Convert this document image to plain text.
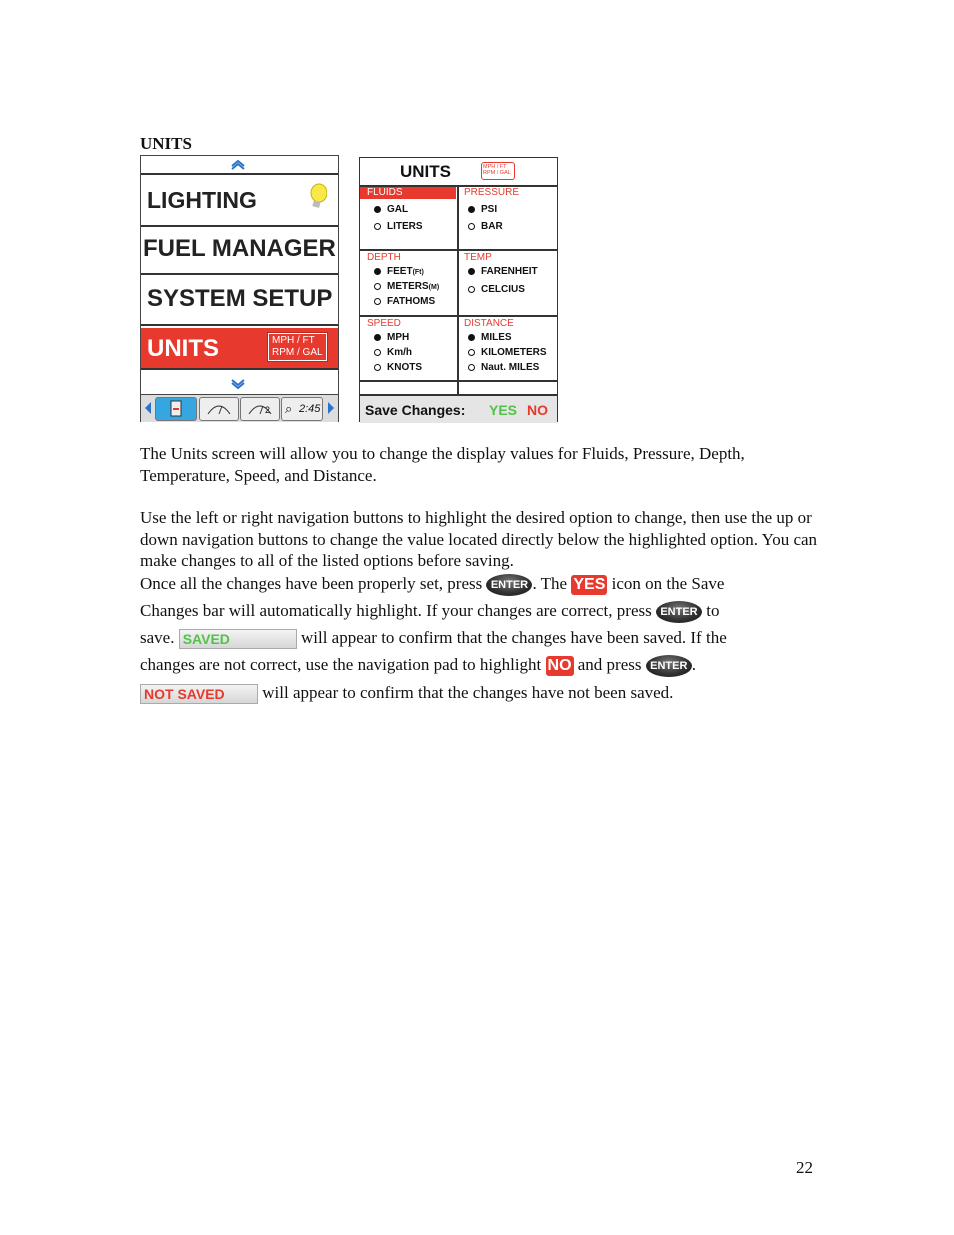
UNITS
LIGHTING
FUEL MANAGER
SYSTEM SETUP
UNITS	MPH / FT
RPM / GAL
2 ⌕ 2:45
UNITS	MPH / FT
RPM / GAL
FLUIDS
GAL
LITERS
PRESSURE
PSI
BAR
DEPTH
FEET(Ft)
METERS(M)
FATHOMS
TEMP
FARENHEIT
CELCIUS
SPEED
MPH
Km/h
KNOTS
DISTANCE
MILES
KILOMETERS
Naut. MILES
Save Changes: YES NO
The Units screen will allow you to change the display values for Fluids, Pressure, Depth, Temperature, Speed, and Distance.
Use the left or right navigation buttons to highlight the desired option to change, then use the up or down navigation buttons to change the value located directly below the highlighted option. You can make changes to all of the listed options before saving.
Once all the changes have been properly set, press ENTER . The YES icon on the Save
Changes bar will automatically highlight. If your changes are correct, press ENTER to
save. SAVED	will appear to confirm that the changes have been saved. If the
changes are not correct, use the navigation pad to highlight NO and press ENTER .
NOT SAVED will appear to confirm that the changes have not been saved.
22
